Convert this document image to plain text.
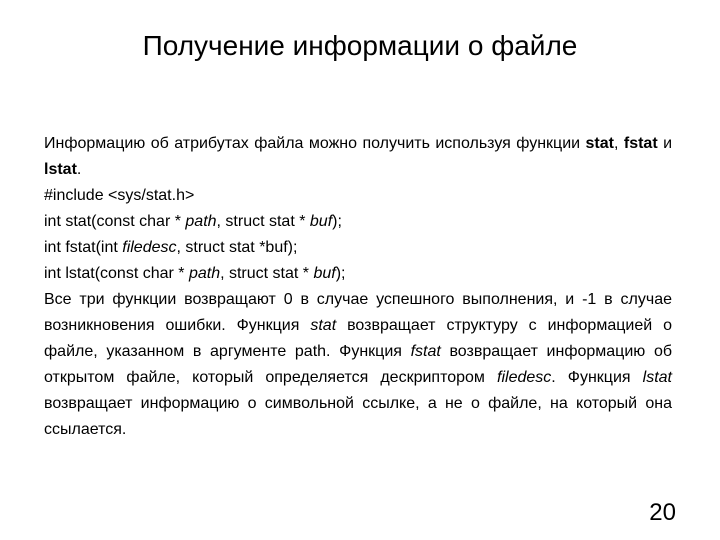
Получение информации о файле

Информацию об атрибутах файла можно получить используя функции stat, fstat и lstat.

#include <sys/stat.h>

int stat(const char * path, struct stat * buf);

int fstat(int filedesc, struct stat *buf);

int lstat(const char * path, struct stat * buf);

Все три функции возвращают 0 в случае успешного выполнения, и -1 в случае возникновения ошибки. Функция stat возвращает структуру с информацией о файле, указанном в аргументе path. Функция fstat возвращает информацию об открытом файле, который определяется дескриптором filedesc. Функция lstat возвращает информацию о символьной ссылке, а не о файле, на который она ссылается.

20
